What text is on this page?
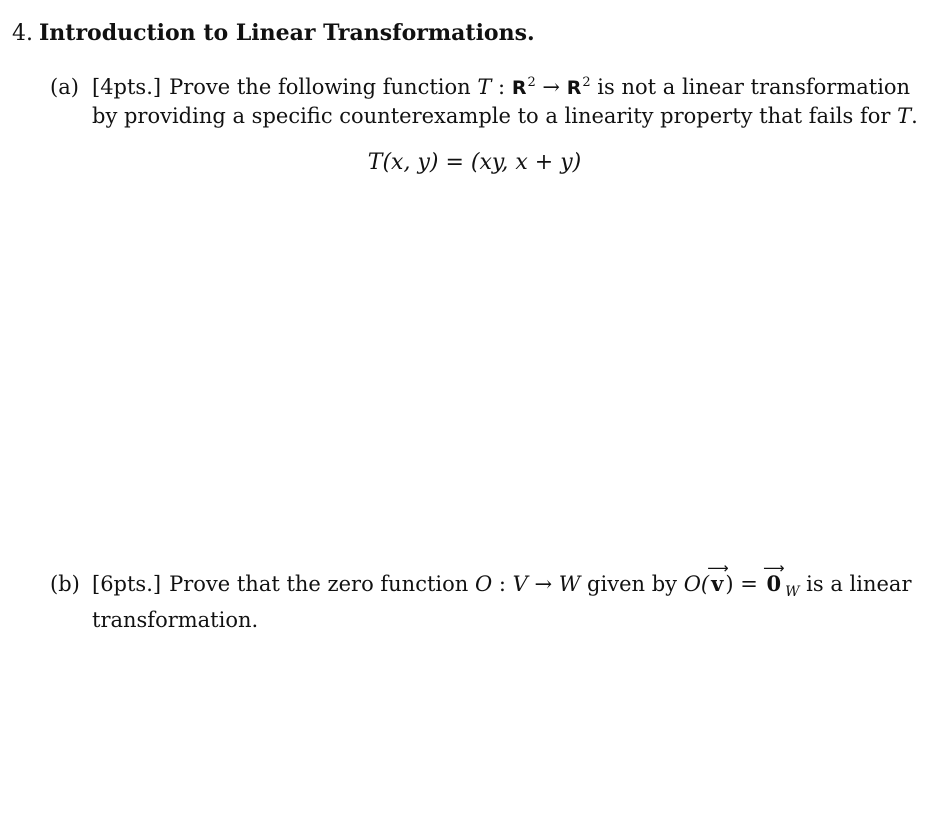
4. Introduction to Linear Transformations.
(a) [4pts.] Prove the following function T : $R^2 \to R^2$ is not a linear transformation
by providing a specific counterexample to a linearity property that fails for T.
T(x, y) = (xy, x + y)
(b) [6pts.] Prove that the zero function O : V → W given by O(
⟶
v) =
⟶
0 $_W$ is a linear
transformation.
